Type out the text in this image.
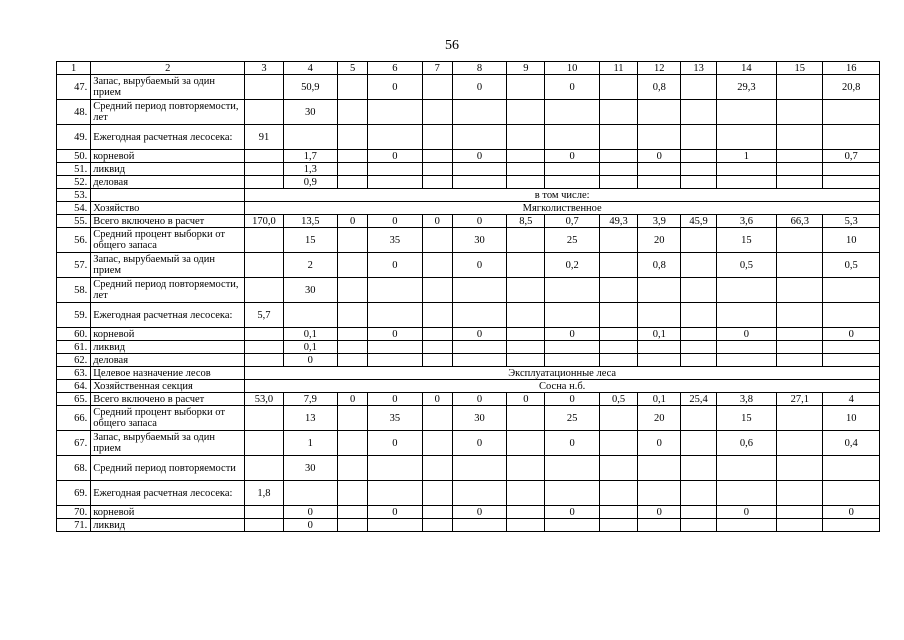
56
1	2	3	4	5	6	7	8	9	10	11	12	13	14	15	16
47.	Запас, вырубаемый за один прием		50,9		0		0		0		0,8		29,3		20,8
48.	Средний период повторяемости, лет		30												
49.	Ежегодная расчетная лесосека:	91													
50.	корневой		1,7		0		0		0		0		1		0,7
51.	ликвид		1,3												
52.	деловая		0,9												
53.		в том числе:													
54.	Хозяйство	Мягколиственное													
55.	Всего включено в расчет	170,0	13,5	0	0	0	0	8,5	0,7	49,3	3,9	45,9	3,6	66,3	5,3
56.	Средний процент выборки от общего запаса		15		35		30		25		20		15		10
57.	Запас, вырубаемый за один прием		2		0		0		0,2		0,8		0,5		0,5
58.	Средний период повторяемости, лет		30												
59.	Ежегодная расчетная лесосека:	5,7													
60.	корневой		0,1		0		0		0		0,1		0		0
61.	ликвид		0,1												
62.	деловая		0												
63.	Целевое назначение лесов	Эксплуатационные леса													
64.	Хозяйственная секция	Сосна н.б.													
65.	Всего включено в расчет	53,0	7,9	0	0	0	0	0	0	0,5	0,1	25,4	3,8	27,1	4
66.	Средний процент выборки от общего запаса		13		35		30		25		20		15		10
67.	Запас, вырубаемый за один прием		1		0		0		0		0		0,6		0,4
68.	Средний период повторяемости		30												
69.	Ежегодная расчетная лесосека:	1,8													
70.	корневой		0		0		0		0		0		0		0
71.	ликвид		0												
